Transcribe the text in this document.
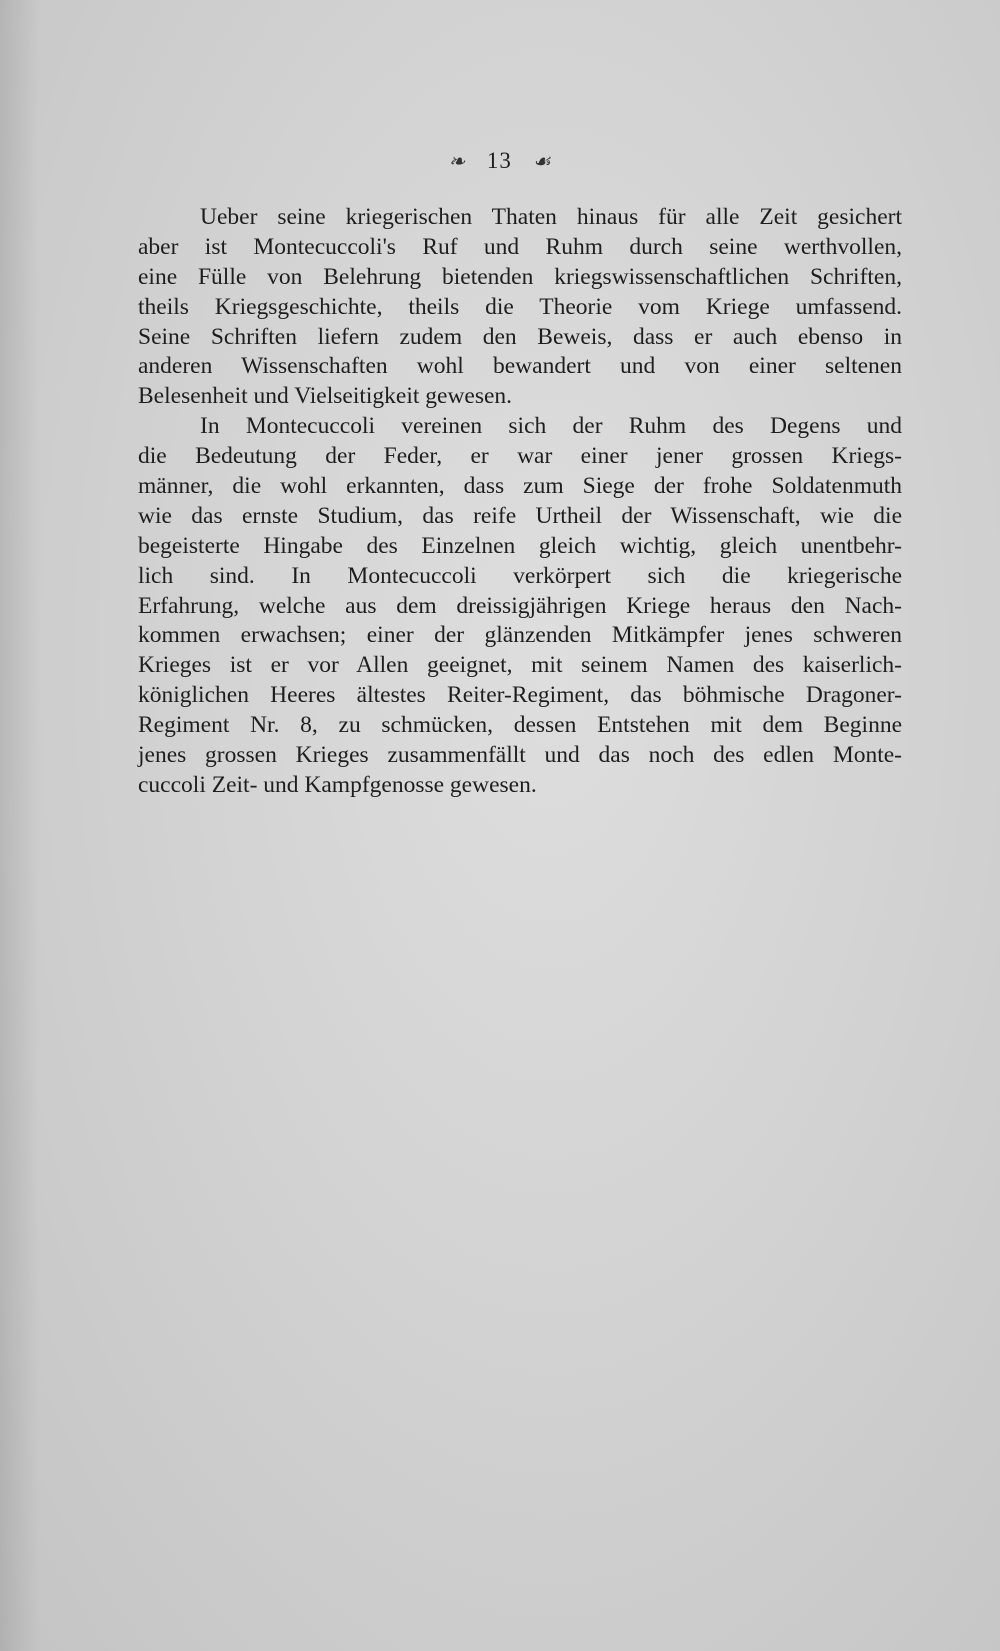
❧ 13 ☙
Ueber seine kriegerischen Thaten hinaus für alle Zeit gesichert
aber ist Montecuccoli's Ruf und Ruhm durch seine werthvollen,
eine Fülle von Belehrung bietenden kriegswissenschaftlichen Schriften,
theils Kriegsgeschichte, theils die Theorie vom Kriege umfassend.
Seine Schriften liefern zudem den Beweis, dass er auch ebenso in
anderen Wissenschaften wohl bewandert und von einer seltenen
Belesenheit und Vielseitigkeit gewesen.
In Montecuccoli vereinen sich der Ruhm des Degens und
die Bedeutung der Feder, er war einer jener grossen Kriegs-
männer, die wohl erkannten, dass zum Siege der frohe Soldatenmuth
wie das ernste Studium, das reife Urtheil der Wissenschaft, wie die
begeisterte Hingabe des Einzelnen gleich wichtig, gleich unentbehr-
lich sind. In Montecuccoli verkörpert sich die kriegerische
Erfahrung, welche aus dem dreissigjährigen Kriege heraus den Nach-
kommen erwachsen; einer der glänzenden Mitkämpfer jenes schweren
Krieges ist er vor Allen geeignet, mit seinem Namen des kaiserlich-
königlichen Heeres ältestes Reiter-Regiment, das böhmische Dragoner-
Regiment Nr. 8, zu schmücken, dessen Entstehen mit dem Beginne
jenes grossen Krieges zusammenfällt und das noch des edlen Monte-
cuccoli Zeit- und Kampfgenosse gewesen.
